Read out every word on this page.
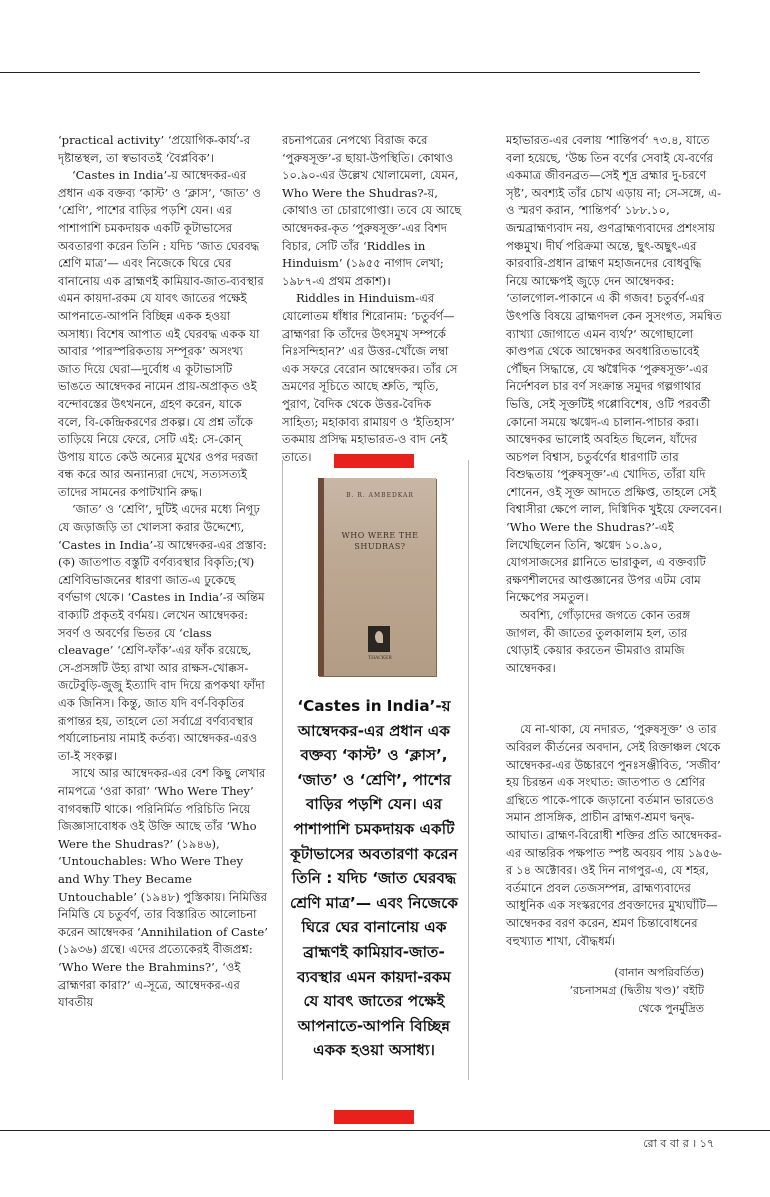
‘practical activity’ ‘প্রয়োগিক-কার্য’-র দৃষ্টান্তস্থল, তা স্বভাবতই ‘বৈপ্লবিক’।

‘Castes in India’-য় আম্বেদকর-এর প্রধান এক বক্তব্য ‘কাস্ট’ ও ‘ক্লাস’, ‘জাত’ ও ‘শ্রেণি’, পাশের বাড়ির পড়শি যেন। এর পাশাপাশি চমকদায়ক একটি কূটাভাসের অবতারণা করেন তিনি : যদিচ ‘জাত ঘেরবদ্ধ শ্রেণি মাত্র’— এবং নিজেকে ঘিরে ঘের বানানোয় এক ব্রাহ্মণই কামিয়াব-জাত-ব্যবস্থার এমন কায়দা-রকম যে যাবৎ জাতের পক্ষেই আপনাতে-আপনি বিচ্ছিন্ন একক হওয়া অসাধ্য। বিশেষ আপাত এই ঘেরবদ্ধ একক যা আবার ‘পারস্পরিকতায় সম্পূরক’ অসংখ্য জাত দিয়ে ঘেরা—দুর্বোধ এ কূটাভাসটি ভাঙতে আম্বেদকর নামেন প্রায়-অপ্রাকৃত ওই বন্দোবস্তের উৎখননে, গ্রহণ করেন, যাকে বলে, বি-কেন্দ্রিকরণের প্রকল্প। যে প্রশ্ন তাঁকে তাড়িয়ে নিয়ে ফেরে, সেটি এই: সে-কোন্ উপায় যাতে কেউ অন্যের মুখের ওপর দরজা বন্ধ করে আর অন্যান্যরা দেখে, সত্যসত্যই তাদের সামনের কপাটখানি রুদ্ধ।

‘জাত’ ও ‘শ্রেণি’, দুটিই এদের মধ্যে নিগূঢ় যে জড়াজড়ি তা খোলসা করার উদ্দেশ্যে, ‘Castes in India’-য় আম্বেদকর-এর প্রস্তাব: (ক) জাতপাত বস্তুটি বর্ণব্যবস্থার বিকৃতি;(খ) শ্রেণিবিভাজনের ধারণা জাত-এ ঢুকেছে বর্ণভাগ থেকে। ‘Castes in India’-র অন্তিম বাক্যটি প্রকৃতই বর্ণময়। লেখেন আম্বেদকর: সবর্ণ ও অবর্ণের ভিতর যে ‘class cleavage’ ‘শ্রেণি-ফাঁক’-এর ফাঁক রয়েছে, সে-প্রসঙ্গটি উহ্য রাখা আর রাক্ষস-খোক্কস-জটেবুড়ি-জুজু ইত্যাদি বাদ দিয়ে রূপকথা ফাঁদা এক জিনিস। কিন্তু, জাত যদি বর্ণ-বিকৃতির রূপান্তর হয়, তাহলে তো সর্বাগ্রে বর্ণব্যবস্থার পর্যালোচনায় নামাই কর্তব্য। আম্বেদকর-এরও তা-ই সংকল্প।

সাথে আর আম্বেদকর-এর বেশ কিছু লেখার নামপত্রে ‘ওরা কারা’ ‘Who Were They’ বাগবন্ধটি থাকে। পরিনির্মিত পরিচিতি নিয়ে জিজ্ঞাসাবোধক ওই উক্তি আছে তাঁর ‘Who Were the Shudras?’ (১৯৪৬), ‘Untouchables: Who Were They and Why They Became Untouchable’ (১৯৪৮) পুস্তিকায়। নিমিত্তির নিমিত্তি যে চতুর্বর্ণ, তার বিস্তারিত আলোচনা করেন আম্বেদকর ‘Annihilation of Caste’ (১৯৩৬) গ্রন্থে। এদের প্রত্যেকেরই বীজপ্রশ্ন: ‘Who Were the Brahmins?’, ‘ওই ব্রাহ্মণরা কারা?’ এ-সূত্রে, আম্বেদকর-এর যাবতীয়

রচনাপত্রের নেপথ্যে বিরাজ করে ‘পুরুষসূক্ত’-র ছায়া-উপস্থিতি। কোথাও ১০.৯০-এর উল্লেখ খোলামেলা, যেমন, Who Were the Shudras?-য়, কোথাও তা চোরাগোপ্তা। তবে যে আছে আম্বেদকর-কৃত ‘পুরুষসূক্ত’-এর বিশদ বিচার, সেটি তাঁর ‘Riddles in Hinduism’ (১৯৫৫ নাগাদ লেখা; ১৯৮৭-এ প্রথম প্রকাশ)।

Riddles in Hinduism-এর যোলোতম ধাঁধার শিরোনাম: ‘চতুর্বর্ণ—ব্রাহ্মণরা কি তাঁদের উৎসমুখ সম্পর্কে নিঃসন্দিহান?’ এর উত্তর-খোঁজে লম্বা এক সফরে বেরোন আম্বেদকর। তাঁর সে ভ্রমণের সূচিতে আছে শ্রুতি, স্মৃতি, পুরাণ, বৈদিক থেকে উত্তর-বৈদিক সাহিত্য; মহাকাব্য রামায়ণ ও ‘ইতিহাস’ তকমায় প্রসিদ্ধ মহাভারত-ও বাদ নেই তাতে।

B. R. AMBEDKAR
WHO WERE THE SHUDRAS?
THACKER
‘Castes in India’-য় আম্বেদকর-এর প্রধান এক বক্তব্য ‘কাস্ট’ ও ‘ক্লাস’, ‘জাত’ ও ‘শ্রেণি’, পাশের বাড়ির পড়শি যেন। এর পাশাপাশি চমকদায়ক একটি কূটাভাসের অবতারণা করেন তিনি : যদিচ ‘জাত ঘেরবদ্ধ শ্রেণি মাত্র’— এবং নিজেকে ঘিরে ঘের বানানোয় এক ব্রাহ্মণই কামিয়াব-জাত-ব্যবস্থার এমন কায়দা-রকম যে যাবৎ জাতের পক্ষেই আপনাতে-আপনি বিচ্ছিন্ন একক হওয়া অসাধ্য।

মহাভারত-এর বেলায় ‘শান্তিপর্ব’ ৭৩.৪, যাতে বলা হয়েছে, ‘উচ্চ তিন বর্ণের সেবাই যে-বর্ণের একমাত্র জীবনব্রত—সেই শূদ্র ব্রহ্মার দু-চরণে সৃষ্ট’, অবশ্যই তাঁর চোখ এড়ায় না; সে-সঙ্গে, এ-ও স্মরণ করান, ‘শান্তিপর্ব’ ১৮৮.১০, জন্মব্রাহ্মণ্যবাদ নয়, গুণব্রাহ্মণ্যবাদের প্রশংসায় পঞ্চমুখ। দীর্ঘ পরিক্রমা অন্তে, ছুৎ-অছুৎ-এর কারবারি-প্রধান ব্রাহ্মণ মহাজনদের বোধবুদ্ধি নিয়ে আক্ষেপই জুড়ে দেন আম্বেদকর: ‘তালগোল-পাকানে এ কী গজব! চতুর্বর্ণ-এর উৎপত্তি বিষয়ে ব্রাহ্মণদল কেন সুসংগত, সমন্বিত ব্যাখ্যা জোগাতে এমন ব্যর্থ?’ অগোছালো কাণ্ডপত্র থেকে আম্বেদকর অবধারিতভাবেই পৌঁছন সিদ্ধান্তে, যে ঋগ্বৈদিক ‘পুরুষসূক্ত’-এর নির্দেশবল চার বর্ণ সংক্রান্ত সমুদর গল্পগাথার ভিত্তি, সেই সূক্তটিই গপ্পোবিশেষ, ওটি পরবর্তী কোনো সময়ে ঋগ্বেদ-এ চালান-পাচার করা। আম্বেদকর ভালোই অবহিত ছিলেন, যাঁদের অচপল বিশ্বাস, চতুর্বর্ণের ধারণাটি তার বিশুদ্ধতায় ‘পুরুষসূক্ত’-এ খোদিত, তাঁরা যদি শোনেন, ওই সূক্ত আদতে প্রক্ষিপ্ত, তাহলে সেই বিশ্বাসীরা ক্ষেপে লাল, দিগ্বিদিক খুইয়ে ফেলবেন। ‘Who Were the Shudras?’-এই লিখেছিলেন তিনি, ঋগ্বেদ ১০.৯০, যোগসাজসের গ্লানিতে ভারাকুল, এ বক্তব্যটি রক্ষণশীলদের আপ্তজ্ঞানের উপর এটম বোম নিক্ষেপের সমতুল।

অবশ্যি, গোঁড়াদের জগতে কোন তরঙ্গ জাগল, কী জাতের তুলকালাম হল, তার থোড়াই কেয়ার করতেন ভীমরাও রামজি আম্বেদকর।

যে না-থাকা, যে নদারত, ‘পুরুষসূক্ত’ ও তার অবিরল কীর্তনের অবদান, সেই রিক্তাঞ্চল থেকে আম্বেদকর-এর উচ্চারণে পুনঃসঞ্জীবিত, ‘সজীব’ হয় চিরন্তন এক সংঘাত: জাতপাত ও শ্রেণির গ্রন্থিতে পাকে-পাকে জড়ানো বর্তমান ভারতেও সমান প্রাসঙ্গিক, প্রাচীন ব্রাহ্মণ-শ্রমণ দ্বন্দ্ব-আঘাত। ব্রাহ্মণ-বিরোধী শক্তির প্রতি আম্বেদকর-এর আন্তরিক পক্ষপাত স্পষ্ট অবয়ব পায় ১৯৫৬-র ১৪ অক্টোবর। ওই দিন নাগপুর-এ, যে শহর, বর্তমানে প্রবল তেজসম্পন্ন, ব্রাহ্মণ্যবাদের আধুনিক এক সংস্করণের প্রবক্তাদের মুখ্যঘাঁটি—আম্বেদকর বরণ করেন, শ্রমণ চিন্তাবোধনের বহুখ্যাত শাখা, বৌদ্ধধর্ম।

(বানান অপরিবর্তিত)
‘রচনাসমগ্র (দ্বিতীয় খণ্ড)’ বইটি
থেকে পুনর্মুদ্রিত
রো ব বা র । ১৭
